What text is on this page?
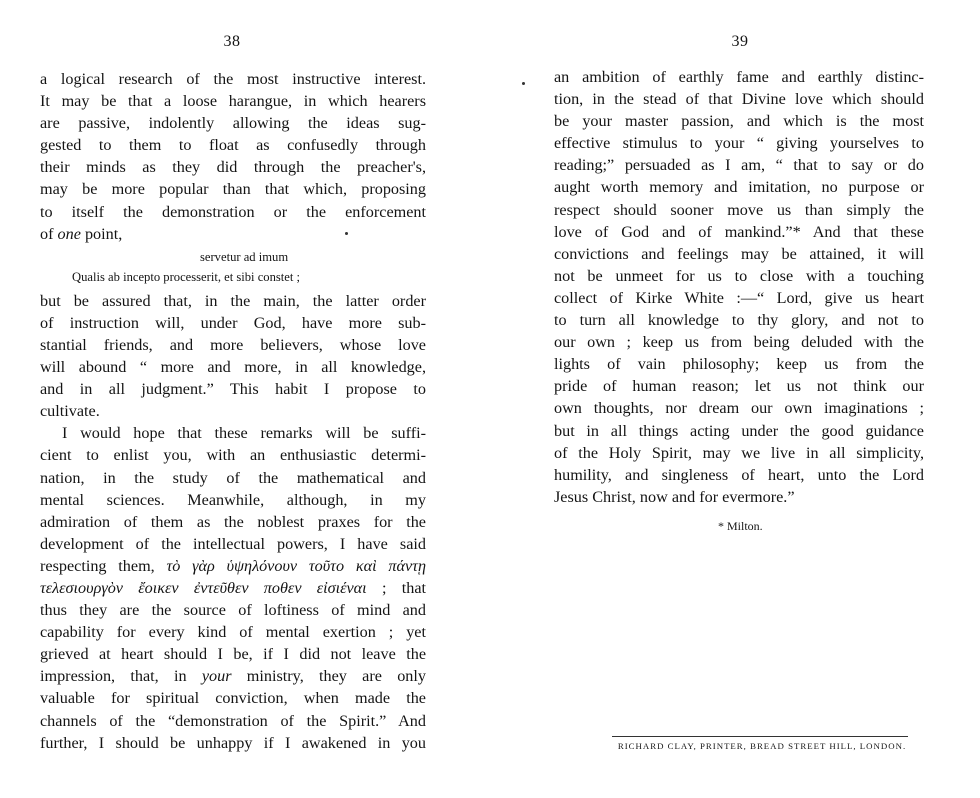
38
a logical research of the most instructive interest.
It may be that a loose harangue, in which hearers
are passive, indolently allowing the ideas sug-
gested to them to float as confusedly through
their minds as they did through the preacher's,
may be more popular than that which, proposing
to itself the demonstration or the enforcement
of one point,
servetur ad imum
Qualis ab incepto processerit, et sibi constet ;
but be assured that, in the main, the latter order
of instruction will, under God, have more sub-
stantial friends, and more believers, whose love
will abound “ more and more, in all knowledge,
and in all judgment.” This habit I propose to
cultivate.
I would hope that these remarks will be suffi-
cient to enlist you, with an enthusiastic determi-
nation, in the study of the mathematical and
mental sciences. Meanwhile, although, in my
admiration of them as the noblest praxes for the
development of the intellectual powers, I have said
respecting them, τὸ γὰρ ὑψηλόνουν τοῦτο καὶ πάντῃ
τελεσιουργὸν ἔοικεν ἐντεῦθεν ποθεν εἰσιέναι ; that
thus they are the source of loftiness of mind and
capability for every kind of mental exertion ; yet
grieved at heart should I be, if I did not leave the
impression, that, in your ministry, they are only
valuable for spiritual conviction, when made the
channels of the “demonstration of the Spirit.” And
further, I should be unhappy if I awakened in you
39
an ambition of earthly fame and earthly distinc-
tion, in the stead of that Divine love which should
be your master passion, and which is the most
effective stimulus to your “ giving yourselves to
reading;” persuaded as I am, “ that to say or do
aught worth memory and imitation, no purpose or
respect should sooner move us than simply the
love of God and of mankind.”* And that these
convictions and feelings may be attained, it will
not be unmeet for us to close with a touching
collect of Kirke White :—“ Lord, give us heart
to turn all knowledge to thy glory, and not to
our own ; keep us from being deluded with the
lights of vain philosophy; keep us from the
pride of human reason; let us not think our
own thoughts, nor dream our own imaginations ;
but in all things acting under the good guidance
of the Holy Spirit, may we live in all simplicity,
humility, and singleness of heart, unto the Lord
Jesus Christ, now and for evermore.”
* Milton.
RICHARD CLAY, PRINTER, BREAD STREET HILL, LONDON.
